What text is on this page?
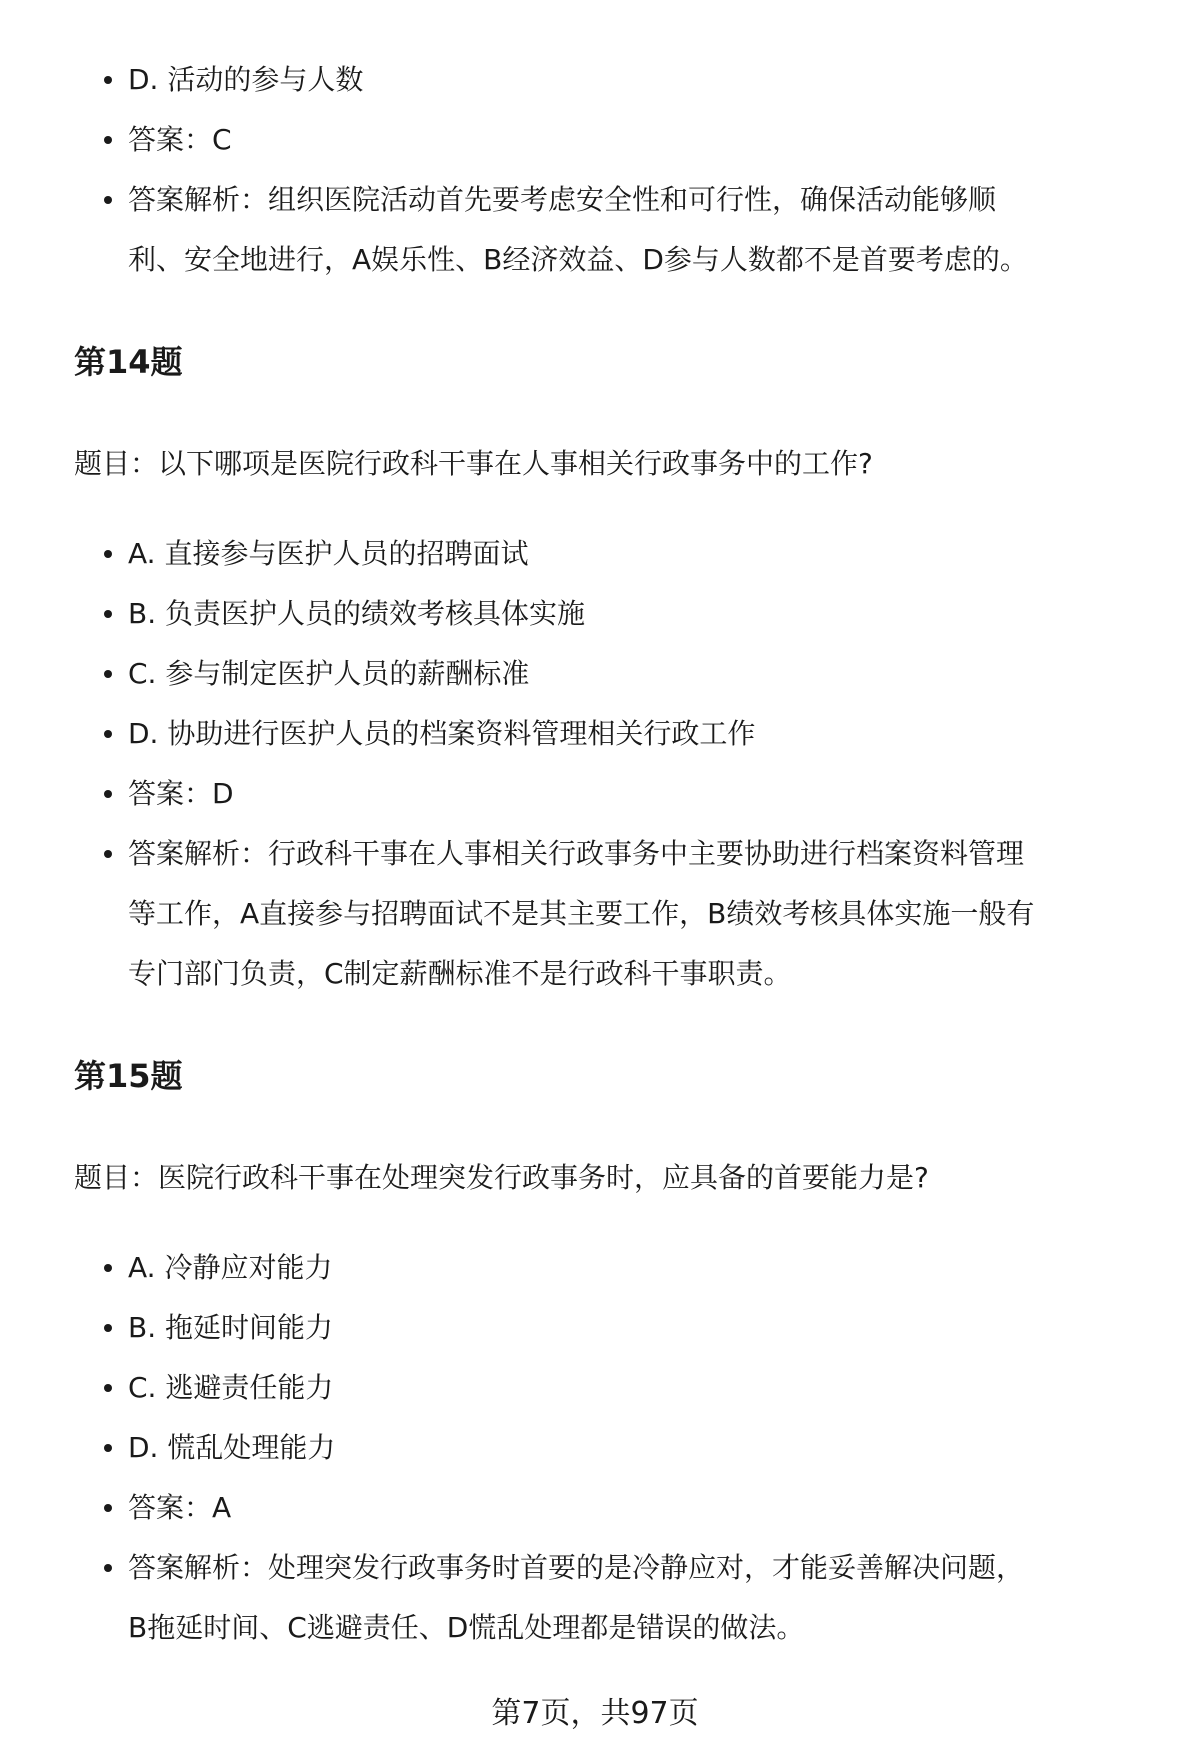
D. 活动的参与人数
答案：C
答案解析：组织医院活动首先要考虑安全性和可行性，确保活动能够顺利、安全地进行，A娱乐性、B经济效益、D参与人数都不是首要考虑的。
第14题
题目：以下哪项是医院行政科干事在人事相关行政事务中的工作?
A. 直接参与医护人员的招聘面试
B. 负责医护人员的绩效考核具体实施
C. 参与制定医护人员的薪酬标准
D. 协助进行医护人员的档案资料管理相关行政工作
答案：D
答案解析：行政科干事在人事相关行政事务中主要协助进行档案资料管理等工作，A直接参与招聘面试不是其主要工作，B绩效考核具体实施一般有专门部门负责，C制定薪酬标准不是行政科干事职责。
第15题
题目：医院行政科干事在处理突发行政事务时，应具备的首要能力是?
A. 冷静应对能力
B. 拖延时间能力
C. 逃避责任能力
D. 慌乱处理能力
答案：A
答案解析：处理突发行政事务时首要的是冷静应对，才能妥善解决问题，B拖延时间、C逃避责任、D慌乱处理都是错误的做法。
第7页，共97页
